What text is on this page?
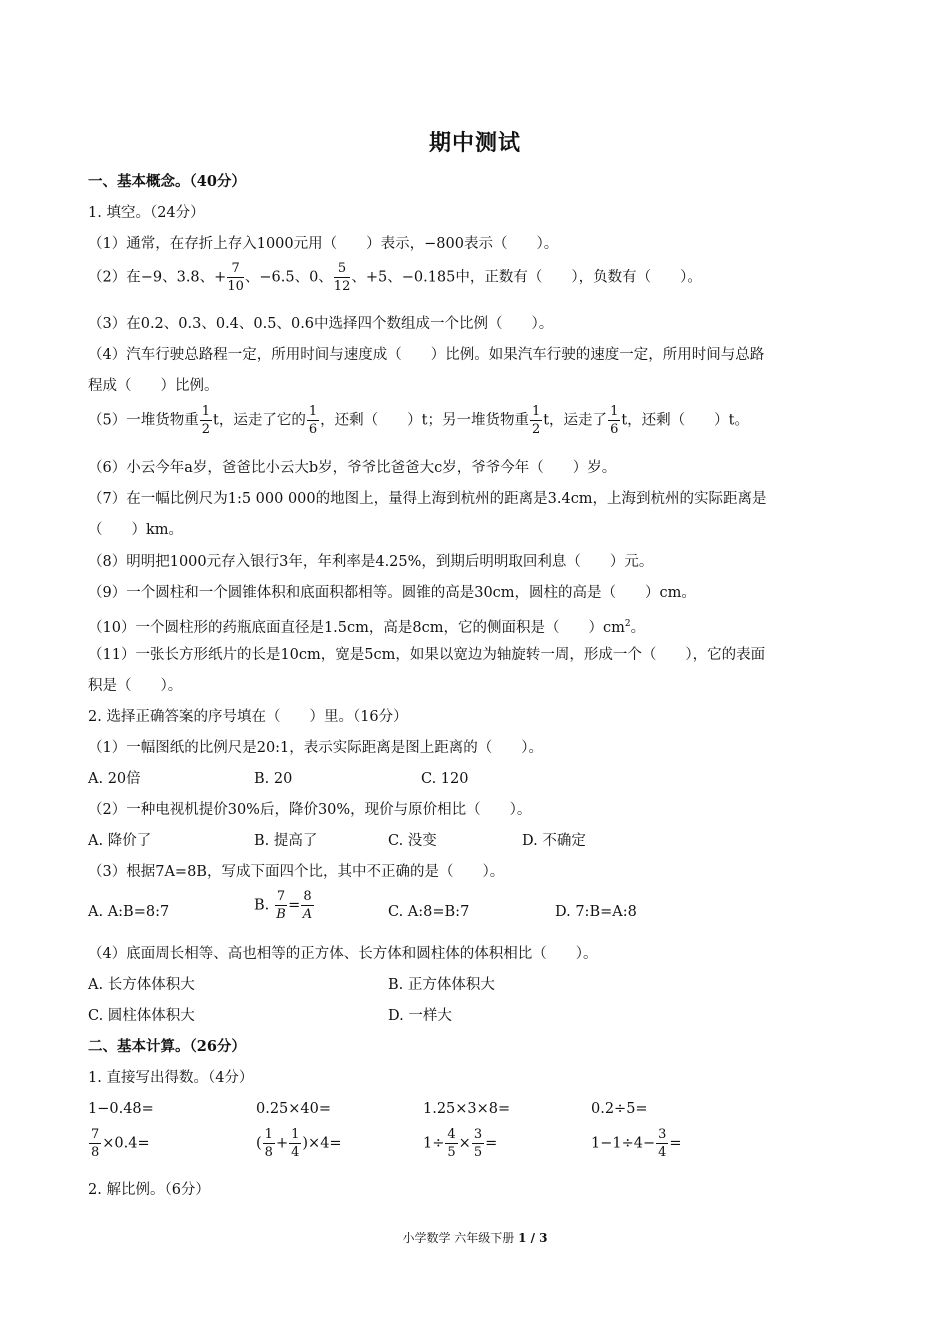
期中测试
一、基本概念。（40分）
1. 填空。（24分）
（1）通常，在存折上存入1000元用（　　）表示，−800表示（　　）。
（2）在−9、3.8、+ $\frac{7}{10}$ 、−6.5、0、 $\frac{5}{12}$ 、+5、−0.185中，正数有（　　），负数有（　　）。
（3）在0.2、0.3、0.4、0.5、0.6中选择四个数组成一个比例（　　）。
（4）汽车行驶总路程一定，所用时间与速度成（　　）比例。如果汽车行驶的速度一定，所用时间与总路
程成（　　）比例。
（5）一堆货物重 $\frac{1}{2}$ t，运走了它的 $\frac{1}{6}$ ，还剩（　　）t；另一堆货物重 $\frac{1}{2}$ t，运走了 $\frac{1}{6}$ t，还剩（　　）t。
（6）小云今年a岁，爸爸比小云大b岁，爷爷比爸爸大c岁，爷爷今年（　　）岁。
（7）在一幅比例尺为1:5 000 000的地图上，量得上海到杭州的距离是3.4cm，上海到杭州的实际距离是
（　　）km。
（8）明明把1000元存入银行3年，年利率是4.25%，到期后明明取回利息（　　）元。
（9）一个圆柱和一个圆锥体积和底面积都相等。圆锥的高是30cm，圆柱的高是（　　）cm。
（10）一个圆柱形的药瓶底面直径是1.5cm，高是8cm，它的侧面积是（　　）$cm^2$。
（11）一张长方形纸片的长是10cm，宽是5cm，如果以宽边为轴旋转一周，形成一个（　　），它的表面
积是（　　）。
2. 选择正确答案的序号填在（　　）里。（16分）
（1）一幅图纸的比例尺是20:1，表示实际距离是图上距离的（　　）。
A. 20倍	B. 20	C. 120
（2）一种电视机提价30%后，降价30%，现价与原价相比（　　）。
A. 降价了	B. 提高了	C. 没变	D. 不确定
（3）根据7A=8B，写成下面四个比，其中不正确的是（　　）。
A. A:B=8:7	B. $\frac{7}{B} = \frac{8}{A}$	C. A:8=B:7	D. 7:B=A:8
（4）底面周长相等、高也相等的正方体、长方体和圆柱体的体积相比（　　）。
A. 长方体体积大	B. 正方体体积大
C. 圆柱体体积大	D. 一样大
二、基本计算。（26分）
1. 直接写出得数。（4分）
1−0.48=	0.25×40=	1.25×3×8=	0.2÷5=
$\frac{7}{8} \times 0.4=$	( $\frac{1}{8} + \frac{1}{4} )\times 4=$	$1\div \frac{4}{5} \times \frac{3}{5}$ =	$1-1\div 4- \frac{3}{4}$ =
2. 解比例。（6分）
小学数学 六年级下册 1 / 3
